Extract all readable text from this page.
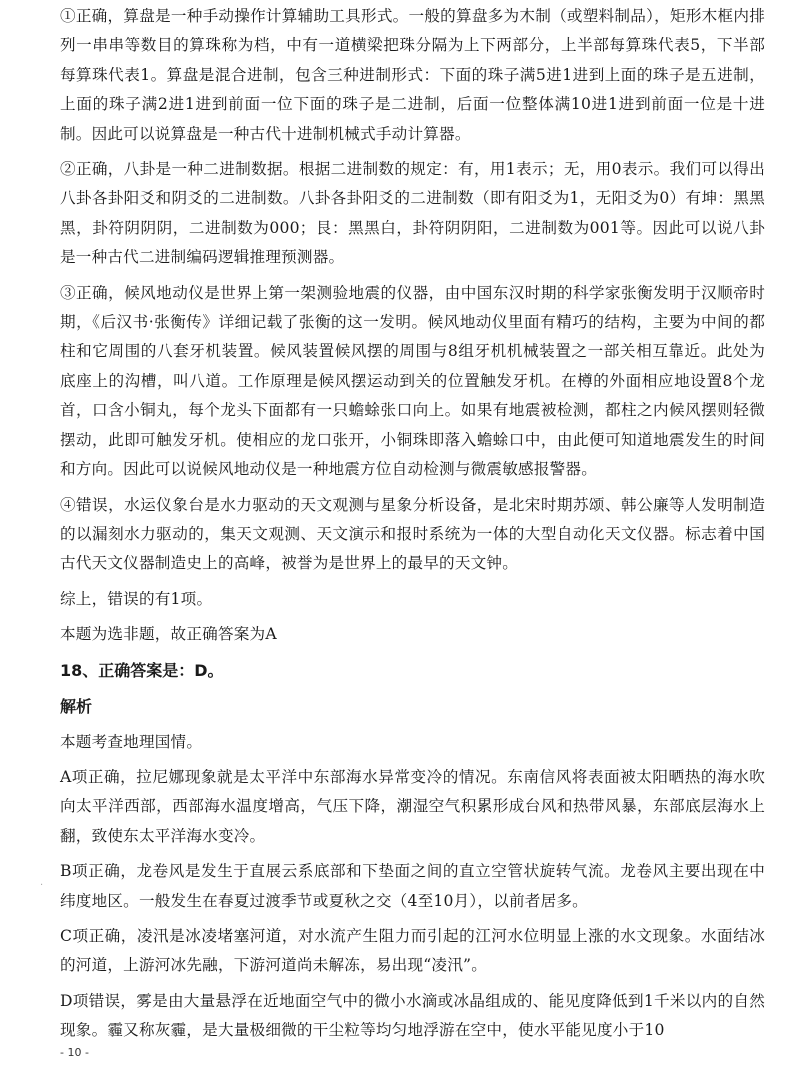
①正确，算盘是一种手动操作计算辅助工具形式。一般的算盘多为木制（或塑料制品），矩形木框内排列一串串等数目的算珠称为档，中有一道横梁把珠分隔为上下两部分，上半部每算珠代表5，下半部每算珠代表1。算盘是混合进制，包含三种进制形式：下面的珠子满5进1进到上面的珠子是五进制，上面的珠子满2进1进到前面一位下面的珠子是二进制，后面一位整体满10进1进到前面一位是十进制。因此可以说算盘是一种古代十进制机械式手动计算器。

②正确，八卦是一种二进制数据。根据二进制数的规定：有，用1表示；无，用0表示。我们可以得出八卦各卦阳爻和阴爻的二进制数。八卦各卦阳爻的二进制数（即有阳爻为1，无阳爻为0）有坤：黑黑黑，卦符阴阴阴，二进制数为000；艮：黑黑白，卦符阴阴阳，二进制数为001等。因此可以说八卦是一种古代二进制编码逻辑推理预测器。

③正确，候风地动仪是世界上第一架测验地震的仪器，由中国东汉时期的科学家张衡发明于汉顺帝时期，《后汉书·张衡传》详细记载了张衡的这一发明。候风地动仪里面有精巧的结构，主要为中间的都柱和它周围的八套牙机装置。候风装置候风摆的周围与8组牙机机械装置之一部关相互靠近。此处为底座上的沟槽，叫八道。工作原理是候风摆运动到关的位置触发牙机。在樽的外面相应地设置8个龙首，口含小铜丸，每个龙头下面都有一只蟾蜍张口向上。如果有地震被检测，都柱之内候风摆则轻微摆动，此即可触发牙机。使相应的龙口张开，小铜珠即落入蟾蜍口中，由此便可知道地震发生的时间和方向。因此可以说候风地动仪是一种地震方位自动检测与微震敏感报警器。

④错误，水运仪象台是水力驱动的天文观测与星象分析设备，是北宋时期苏颂、韩公廉等人发明制造的以漏刻水力驱动的，集天文观测、天文演示和报时系统为一体的大型自动化天文仪器。标志着中国古代天文仪器制造史上的高峰，被誉为是世界上的最早的天文钟。

综上，错误的有1项。

本题为选非题，故正确答案为A

18、正确答案是：D。

解析

本题考查地理国情。

A项正确，拉尼娜现象就是太平洋中东部海水异常变冷的情况。东南信风将表面被太阳晒热的海水吹向太平洋西部，西部海水温度增高，气压下降，潮湿空气积累形成台风和热带风暴，东部底层海水上翻，致使东太平洋海水变冷。

B项正确，龙卷风是发生于直展云系底部和下垫面之间的直立空管状旋转气流。龙卷风主要出现在中纬度地区。一般发生在春夏过渡季节或夏秋之交（4至10月），以前者居多。

C项正确，凌汛是冰凌堵塞河道，对水流产生阻力而引起的江河水位明显上涨的水文现象。水面结冰的河道，上游河冰先融，下游河道尚未解冻，易出现“凌汛”。

D项错误，雾是由大量悬浮在近地面空气中的微小水滴或冰晶组成的、能见度降低到1千米以内的自然现象。霾又称灰霾，是大量极细微的干尘粒等均匀地浮游在空中，使水平能见度小于10

·
- 10 -
